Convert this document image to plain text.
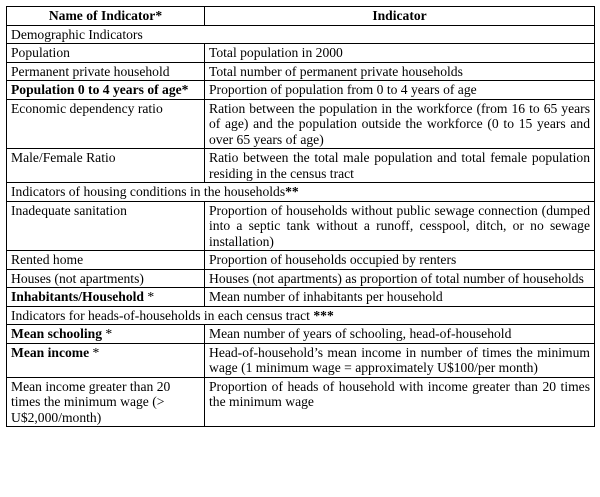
Name of Indicator*	Indicator
Demographic Indicators	
Population	Total population in 2000
Permanent private household	Total number of permanent private households
Population 0 to 4 years of age*	Proportion of population from 0 to 4 years of age
Economic dependency ratio	Ration between the population in the workforce (from 16 to 65 years of age) and the population outside the workforce (0 to 15 years and over 65 years of age)
Male/Female Ratio	Ratio between the total male population and total female population residing in the census tract
Indicators of housing conditions in the households**	
Inadequate sanitation	Proportion of households without public sewage connection (dumped into a septic tank without a runoff, cesspool, ditch, or no sewage installation)
Rented home	Proportion of households occupied by renters
Houses (not apartments)	Houses (not apartments) as proportion of total number of households
Inhabitants/Household *	Mean number of inhabitants per household
Indicators for heads-of-households in each census tract ***	
Mean schooling *	Mean number of years of schooling, head-of-household
Mean income *	Head-of-household’s mean income in number of times the minimum wage (1 minimum wage = approximately U$100/per month)
Mean income greater than 20 times the minimum wage (> U$2,000/month)	Proportion of heads of household with income greater than 20 times the minimum wage
